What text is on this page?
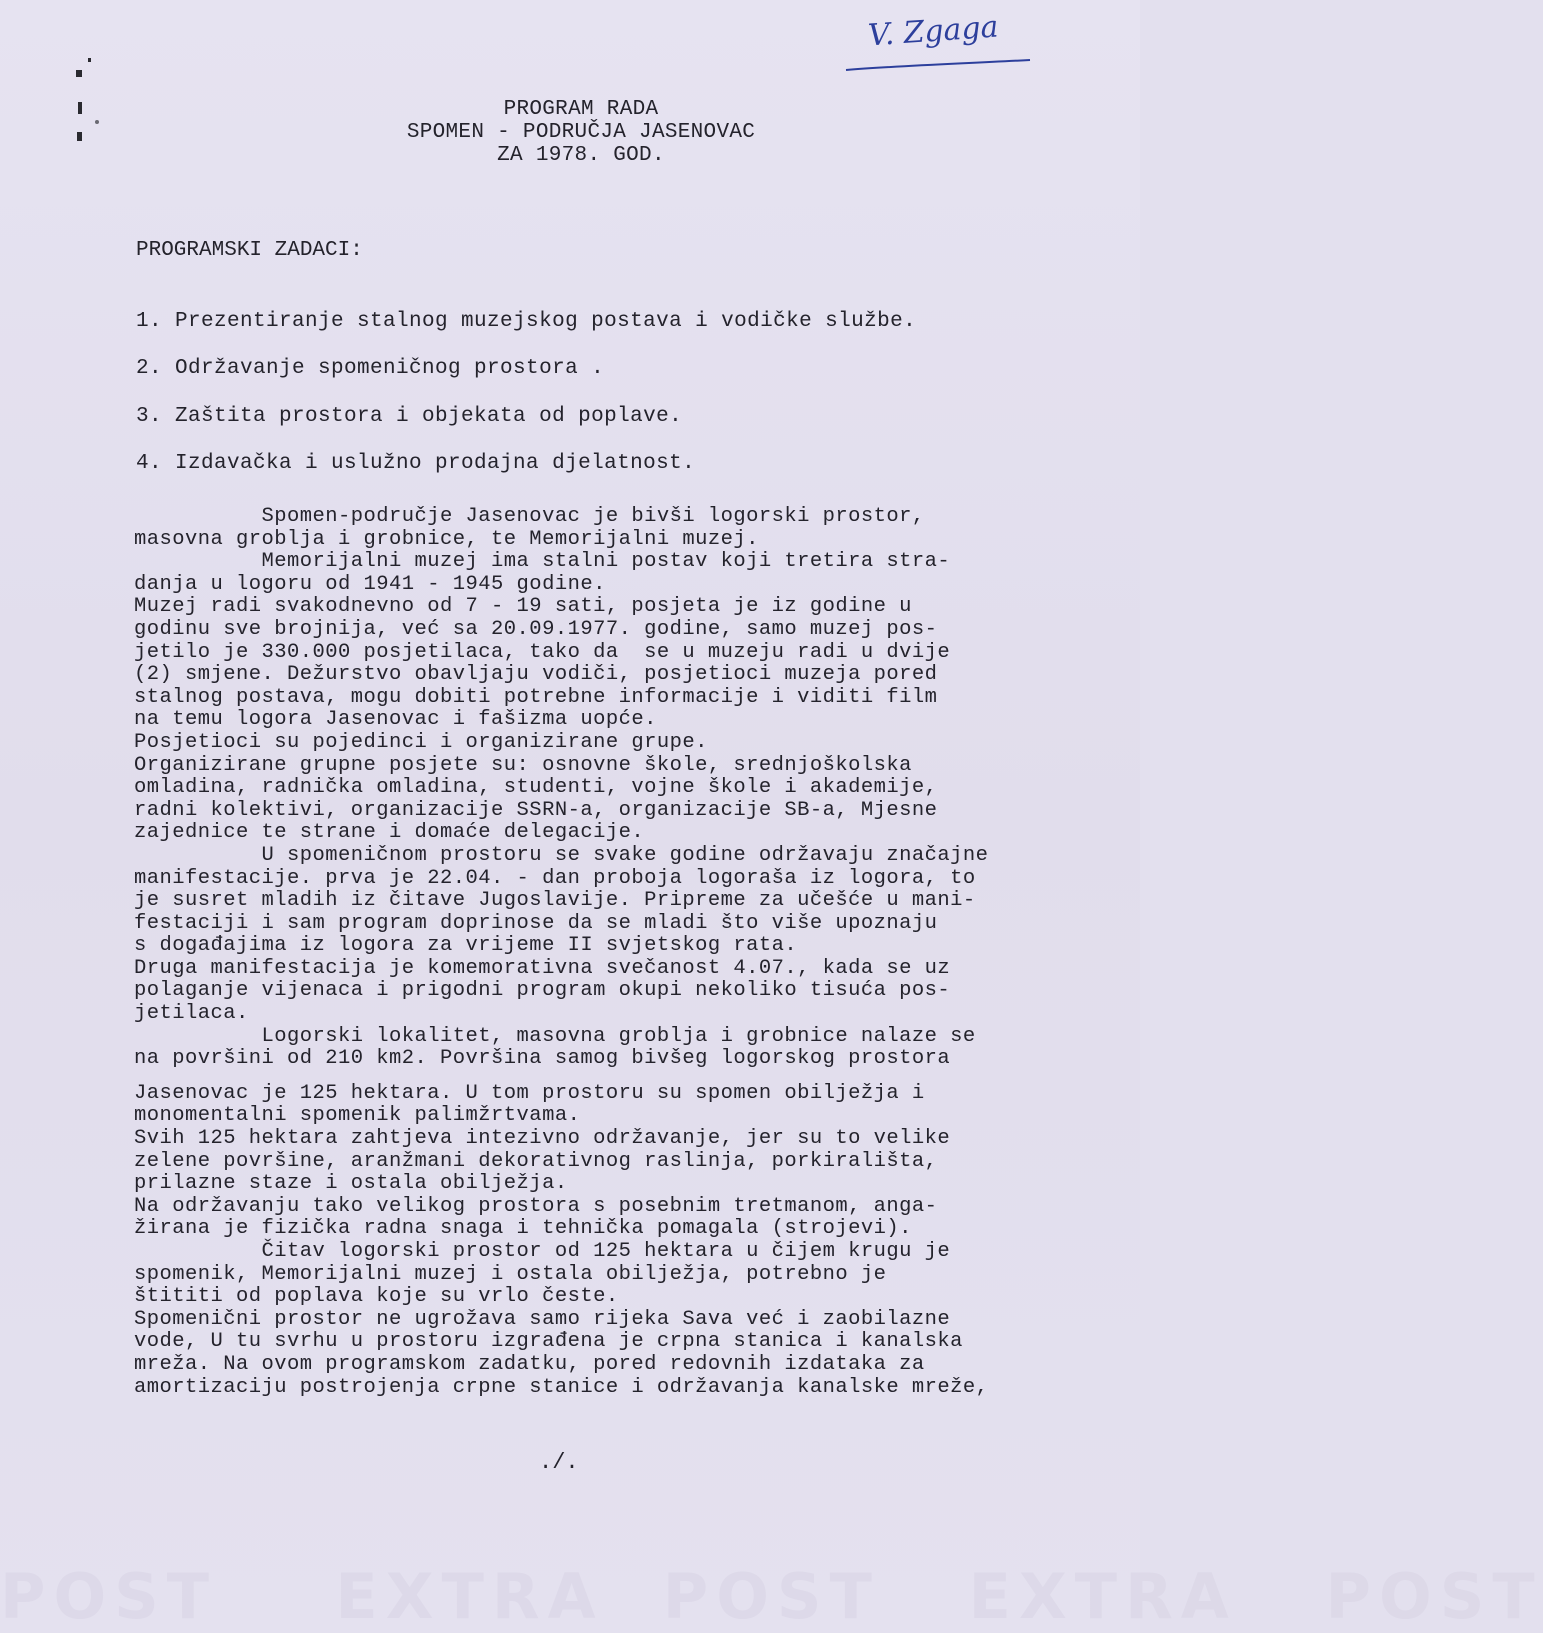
V. Zgaga
PROGRAM RADA
SPOMEN - PODRUČJA JASENOVAC
ZA 1978. GOD.
PROGRAMSKI ZADACI:
1. Prezentiranje stalnog muzejskog postava i vodičke službe.
2. Održavanje spomeničnog prostora .
3. Zaštita prostora i objekata od poplave.
4. Izdavačka i uslužno prodajna djelatnost.
Spomen-područje Jasenovac je bivši logorski prostor,
masovna groblja i grobnice, te Memorijalni muzej.
Memorijalni muzej ima stalni postav koji tretira stra-
danja u logoru od 1941 - 1945 godine.
Muzej radi svakodnevno od 7 - 19 sati, posjeta je iz godine u
godinu sve brojnija, već sa 20.09.1977. godine, samo muzej pos-
jetilo je 330.000 posjetilaca, tako da  se u muzeju radi u dvije
(2) smjene. Dežurstvo obavljaju vodiči, posjetioci muzeja pored
stalnog postava, mogu dobiti potrebne informacije i viditi film
na temu logora Jasenovac i fašizma uopće.
Posjetioci su pojedinci i organizirane grupe.
Organizirane grupne posjete su: osnovne škole, srednjoškolska
omladina, radnička omladina, studenti, vojne škole i akademije,
radni kolektivi, organizacije SSRN-a, organizacije SB-a, Mjesne
zajednice te strane i domaće delegacije.
U spomeničnom prostoru se svake godine održavaju značajne
manifestacije. prva je 22.04. - dan proboja logoraša iz logora, to
je susret mladih iz čitave Jugoslavije. Pripreme za učešće u mani-
festaciji i sam program doprinose da se mladi što više upoznaju
s događajima iz logora za vrijeme II svjetskog rata.
Druga manifestacija je komemorativna svečanost 4.07., kada se uz
polaganje vijenaca i prigodni program okupi nekoliko tisuća pos-
jetilaca.
Logorski lokalitet, masovna groblja i grobnice nalaze se
na površini od 210 km2. Površina samog bivšeg logorskog prostora
Jasenovac je 125 hektara. U tom prostoru su spomen obilježja i
monomentalni spomenik palimžrtvama.
Svih 125 hektara zahtjeva intezivno održavanje, jer su to velike
zelene površine, aranžmani dekorativnog raslinja, porkirališta,
prilazne staze i ostala obilježja.
Na održavanju tako velikog prostora s posebnim tretmanom, anga-
žirana je fizička radna snaga i tehnička pomagala (strojevi).
Čitav logorski prostor od 125 hektara u čijem krugu je
spomenik, Memorijalni muzej i ostala obilježja, potrebno je
štititi od poplava koje su vrlo česte.
Spomenični prostor ne ugrožava samo rijeka Sava već i zaobilazne
vode, U tu svrhu u prostoru izgrađena je crpna stanica i kanalska
mreža. Na ovom programskom zadatku, pored redovnih izdataka za
amortizaciju postrojenja crpne stanice i održavanja kanalske mreže,
./.
POST    EXTRA  POST   EXTRA   POST
